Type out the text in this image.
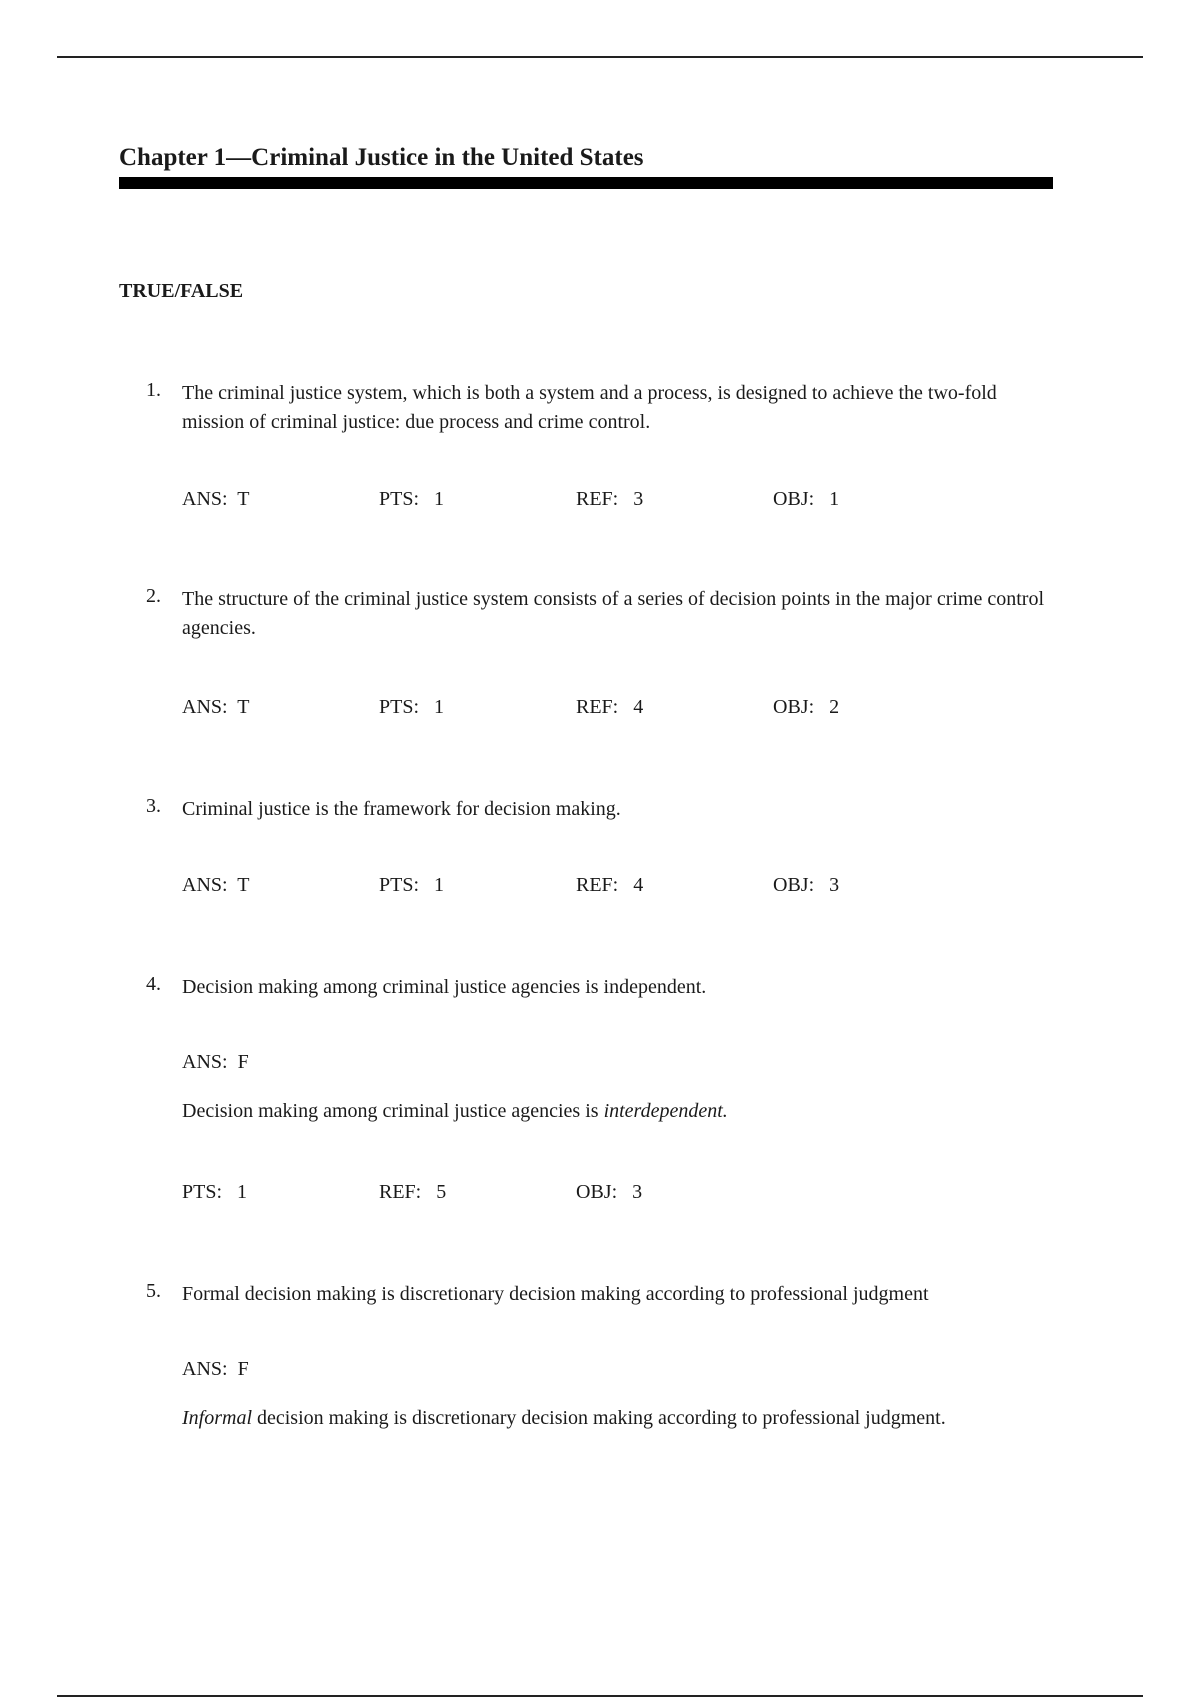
Chapter 1—Criminal Justice in the United States
TRUE/FALSE
1. The criminal justice system, which is both a system and a process, is designed to achieve the two-fold mission of criminal justice: due process and crime control.
ANS:  T	PTS:   1	REF:   3	OBJ:   1
2. The structure of the criminal justice system consists of a series of decision points in the major crime control agencies.
ANS:  T	PTS:   1	REF:   4	OBJ:   2
3. Criminal justice is the framework for decision making.
ANS:  T	PTS:   1	REF:   4	OBJ:   3
4. Decision making among criminal justice agencies is independent.
ANS:  F
Decision making among criminal justice agencies is interdependent.
PTS:   1	REF:   5	OBJ:   3
5. Formal decision making is discretionary decision making according to professional judgment
ANS:  F
Informal decision making is discretionary decision making according to professional judgment.
